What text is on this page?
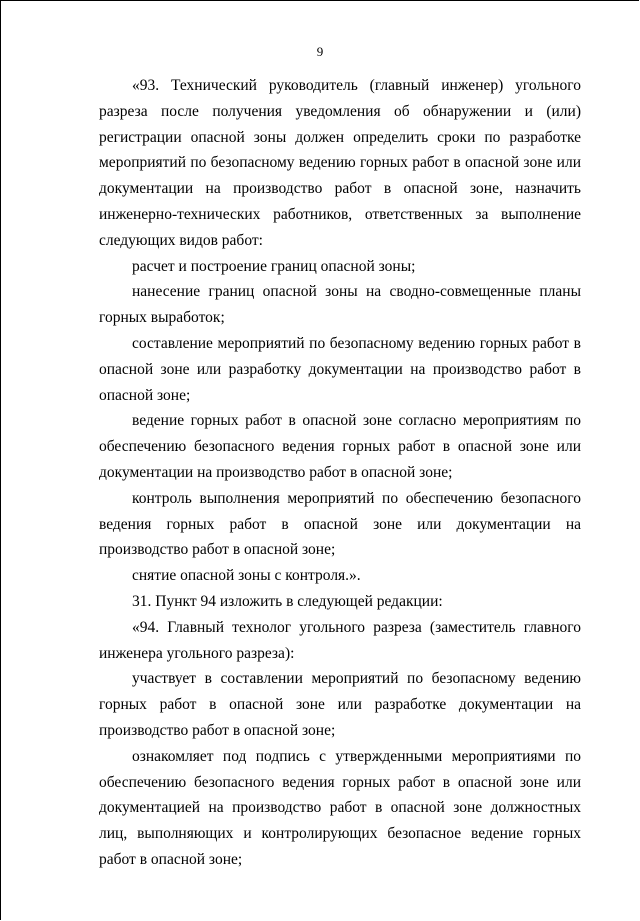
9

«93. Технический руководитель (главный инженер) угольного разреза после получения уведомления об обнаружении и (или) регистрации опасной зоны должен определить сроки по разработке мероприятий по безопасному ведению горных работ в опасной зоне или документации на производство работ в опасной зоне, назначить инженерно-технических работников, ответственных за выполнение следующих видов работ:

расчет и построение границ опасной зоны;

нанесение границ опасной зоны на сводно-совмещенные планы горных выработок;

составление мероприятий по безопасному ведению горных работ в опасной зоне или разработку документации на производство работ в опасной зоне;

ведение горных работ в опасной зоне согласно мероприятиям по обеспечению безопасного ведения горных работ в опасной зоне или документации на производство работ в опасной зоне;

контроль выполнения мероприятий по обеспечению безопасного ведения горных работ в опасной зоне или документации на производство работ в опасной зоне;

снятие опасной зоны с контроля.».

31. Пункт 94 изложить в следующей редакции:

«94. Главный технолог угольного разреза (заместитель главного инженера угольного разреза):

участвует в составлении мероприятий по безопасному ведению горных работ в опасной зоне или разработке документации на производство работ в опасной зоне;

ознакомляет под подпись с утвержденными мероприятиями по обеспечению безопасного ведения горных работ в опасной зоне или документацией на производство работ в опасной зоне должностных лиц, выполняющих и контролирующих безопасное ведение горных работ в опасной зоне;
